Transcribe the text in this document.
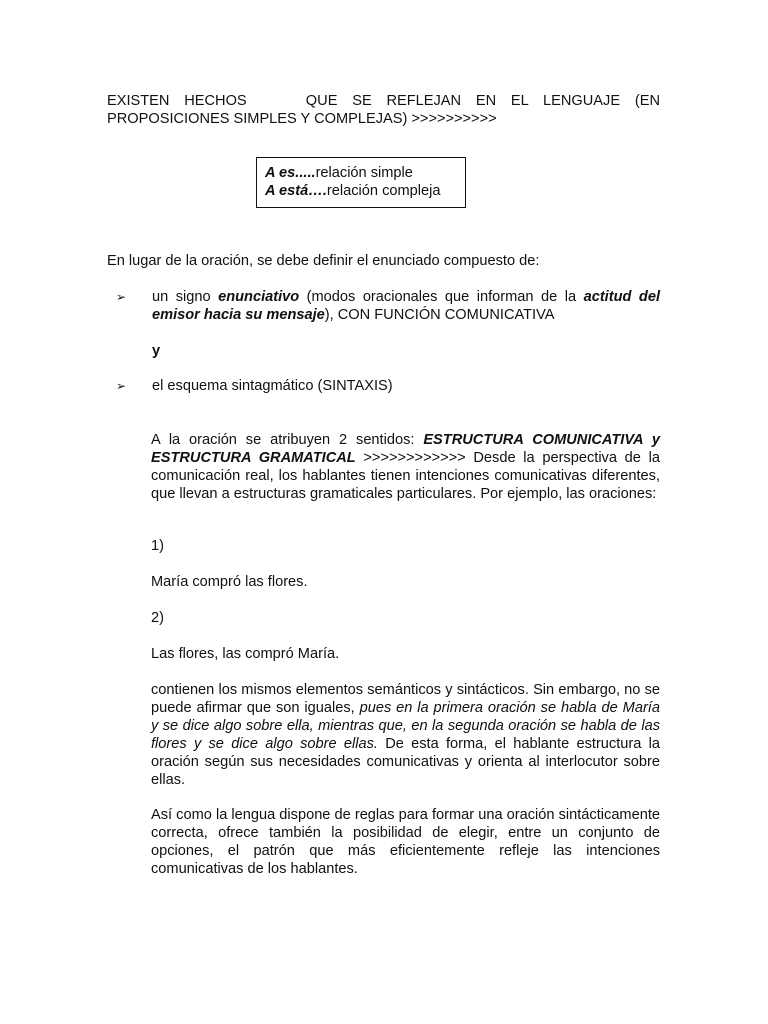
EXISTEN HECHOS    QUE SE REFLEJAN EN EL LENGUAJE (EN
PROPOSICIONES SIMPLES Y COMPLEJAS) >>>>>>>>>>
A es.....relación simple
A está….relación compleja
En lugar de la oración, se debe definir el enunciado compuesto de:
➢ un signo enunciativo (modos oracionales que informan de la actitud del emisor hacia su mensaje), CON FUNCIÓN COMUNICATIVA
y
➢ el esquema sintagmático (SINTAXIS)
A la oración se atribuyen 2 sentidos: ESTRUCTURA COMUNICATIVA y ESTRUCTURA GRAMATICAL >>>>>>>>>>>> Desde la perspectiva de la comunicación real, los hablantes tienen intenciones comunicativas diferentes, que llevan a estructuras gramaticales particulares. Por ejemplo, las oraciones:
1)
María compró las flores.
2)
Las flores, las compró María.
contienen los mismos elementos semánticos y sintácticos. Sin embargo, no se puede afirmar que son iguales, pues en la primera oración se habla de María y se dice algo sobre ella, mientras que, en la segunda oración se habla de las flores y se dice algo sobre ellas. De esta forma, el hablante estructura la oración según sus necesidades comunicativas y orienta al interlocutor sobre ellas.
Así como la lengua dispone de reglas para formar una oración sintácticamente correcta, ofrece también la posibilidad de elegir, entre un conjunto de opciones, el patrón que más eficientemente refleje las intenciones comunicativas de los hablantes.
